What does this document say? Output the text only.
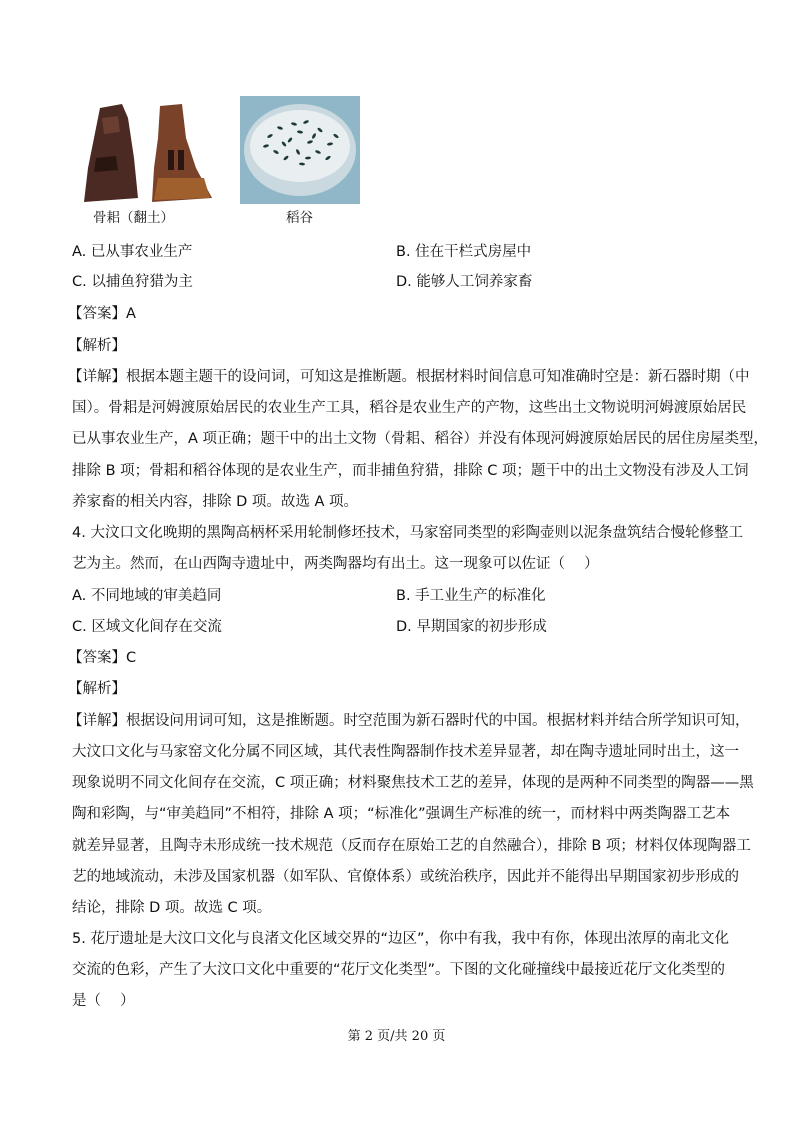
骨耜（翻土）	稻谷
A. 已从事农业生产	B. 住在干栏式房屋中
C. 以捕鱼狩猎为主	D. 能够人工饲养家畜
【答案】A
【解析】
【详解】根据本题主题干的设问词，可知这是推断题。根据材料时间信息可知准确时空是：新石器时期（中
国）。骨耜是河姆渡原始居民的农业生产工具，稻谷是农业生产的产物，这些出土文物说明河姆渡原始居民
已从事农业生产，A 项正确；题干中的出土文物（骨耜、稻谷）并没有体现河姆渡原始居民的居住房屋类型，
排除 B 项；骨耜和稻谷体现的是农业生产，而非捕鱼狩猎，排除 C 项；题干中的出土文物没有涉及人工饲
养家畜的相关内容，排除 D 项。故选 A 项。
4. 大汶口文化晚期的黑陶高柄杯采用轮制修坯技术，马家窑同类型的彩陶壶则以泥条盘筑结合慢轮修整工
艺为主。然而，在山西陶寺遗址中，两类陶器均有出土。这一现象可以佐证（　 ）
A. 不同地域的审美趋同	B. 手工业生产的标准化
C. 区域文化间存在交流	D. 早期国家的初步形成
【答案】C
【解析】
【详解】根据设问用词可知，这是推断题。时空范围为新石器时代的中国。根据材料并结合所学知识可知，
大汶口文化与马家窑文化分属不同区域，其代表性陶器制作技术差异显著，却在陶寺遗址同时出土，这一
现象说明不同文化间存在交流，C 项正确；材料聚焦技术工艺的差异，体现的是两种不同类型的陶器——黑
陶和彩陶，与“审美趋同”不相符，排除 A 项；“标准化”强调生产标准的统一，而材料中两类陶器工艺本
就差异显著，且陶寺未形成统一技术规范（反而存在原始工艺的自然融合），排除 B 项；材料仅体现陶器工
艺的地域流动，未涉及国家机器（如军队、官僚体系）或统治秩序，因此并不能得出早期国家初步形成的
结论，排除 D 项。故选 C 项。
5. 花厅遗址是大汶口文化与良渚文化区域交界的“边区”，你中有我，我中有你，体现出浓厚的南北文化
交流的色彩，产生了大汶口文化中重要的“花厅文化类型”。下图的文化碰撞线中最接近花厅文化类型的
是（　 ）
第 2 页/共 20 页
